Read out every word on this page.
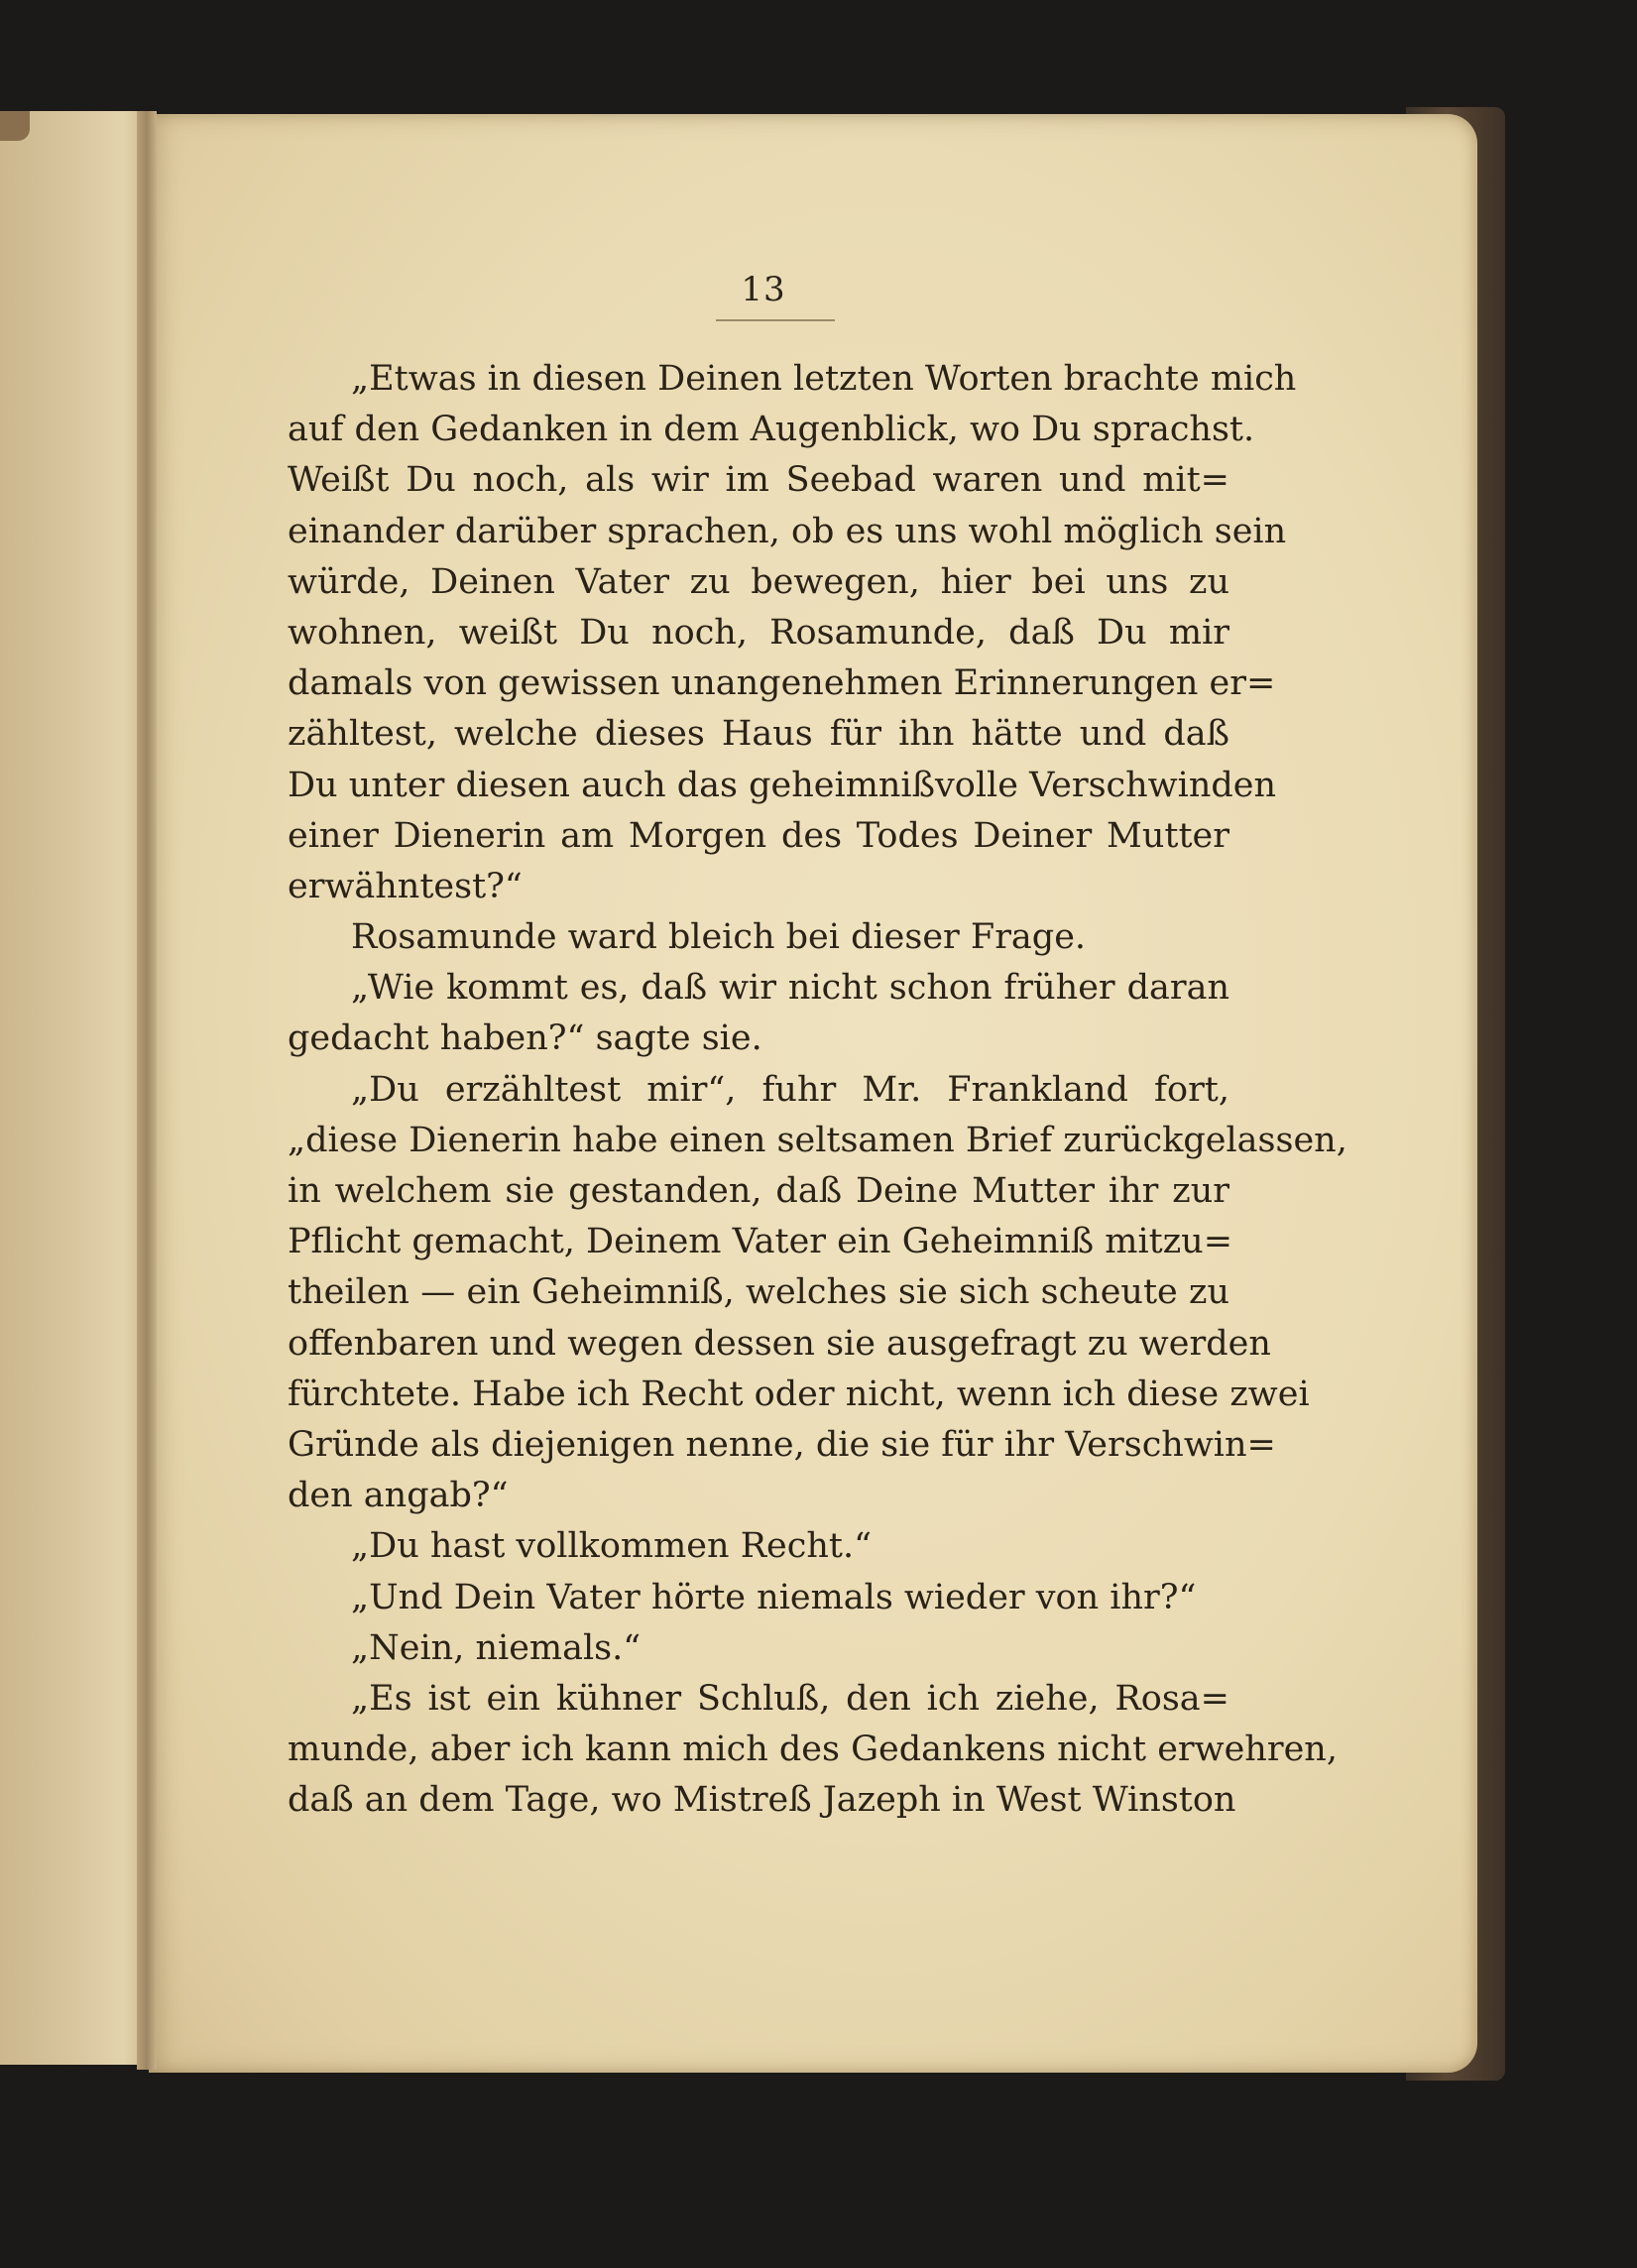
13
„Etwas in diesen Deinen letzten Worten brachte mich
auf den Gedanken in dem Augenblick, wo Du sprachst.
Weißt Du noch, als wir im Seebad waren und mit=
einander darüber sprachen, ob es uns wohl möglich sein
würde, Deinen Vater zu bewegen, hier bei uns zu
wohnen, weißt Du noch, Rosamunde, daß Du mir
damals von gewissen unangenehmen Erinnerungen er=
zähltest, welche dieses Haus für ihn hätte und daß
Du unter diesen auch das geheimnißvolle Verschwinden
einer Dienerin am Morgen des Todes Deiner Mutter
erwähntest?“
Rosamunde ward bleich bei dieser Frage.
„Wie kommt es, daß wir nicht schon früher daran
gedacht haben?“ sagte sie.
„Du erzähltest mir“, fuhr Mr. Frankland fort,
„diese Dienerin habe einen seltsamen Brief zurückgelassen,
in welchem sie gestanden, daß Deine Mutter ihr zur
Pflicht gemacht, Deinem Vater ein Geheimniß mitzu=
theilen — ein Geheimniß, welches sie sich scheute zu
offenbaren und wegen dessen sie ausgefragt zu werden
fürchtete. Habe ich Recht oder nicht, wenn ich diese zwei
Gründe als diejenigen nenne, die sie für ihr Verschwin=
den angab?“
„Du hast vollkommen Recht.“
„Und Dein Vater hörte niemals wieder von ihr?“
„Nein, niemals.“
„Es ist ein kühner Schluß, den ich ziehe, Rosa=
munde, aber ich kann mich des Gedankens nicht erwehren,
daß an dem Tage, wo Mistreß Jazeph in West Winston
